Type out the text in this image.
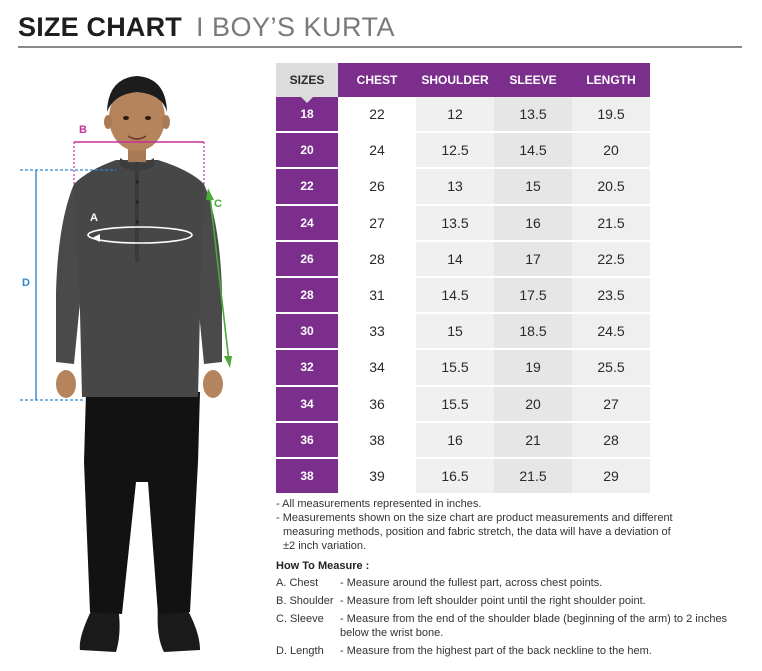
SIZE CHART I BOY’S KURTA
A
B
C
D
SIZES	CHEST	SHOULDER	SLEEVE	LENGTH
18	22	12	13.5	19.5
20	24	12.5	14.5	20
22	26	13	15	20.5
24	27	13.5	16	21.5
26	28	14	17	22.5
28	31	14.5	17.5	23.5
30	33	15	18.5	24.5
32	34	15.5	19	25.5
34	36	15.5	20	27
36	38	16	21	28
38	39	16.5	21.5	29

- All measurements represented in inches.

- Measurements shown on the size chart are product measurements and different

measuring methods, position and fabric stretch, the data will have a deviation of

±2 inch variation.

How To Measure :
A. Chest	- Measure around the fullest part, across chest points.
B. Shoulder - Measure from left shoulder point until the right shoulder point.
C. Sleeve	- Measure from the end of the shoulder blade (beginning of the arm) to 2 inches below the wrist bone.
D. Length	- Measure from the highest part of the back neckline to the hem.
